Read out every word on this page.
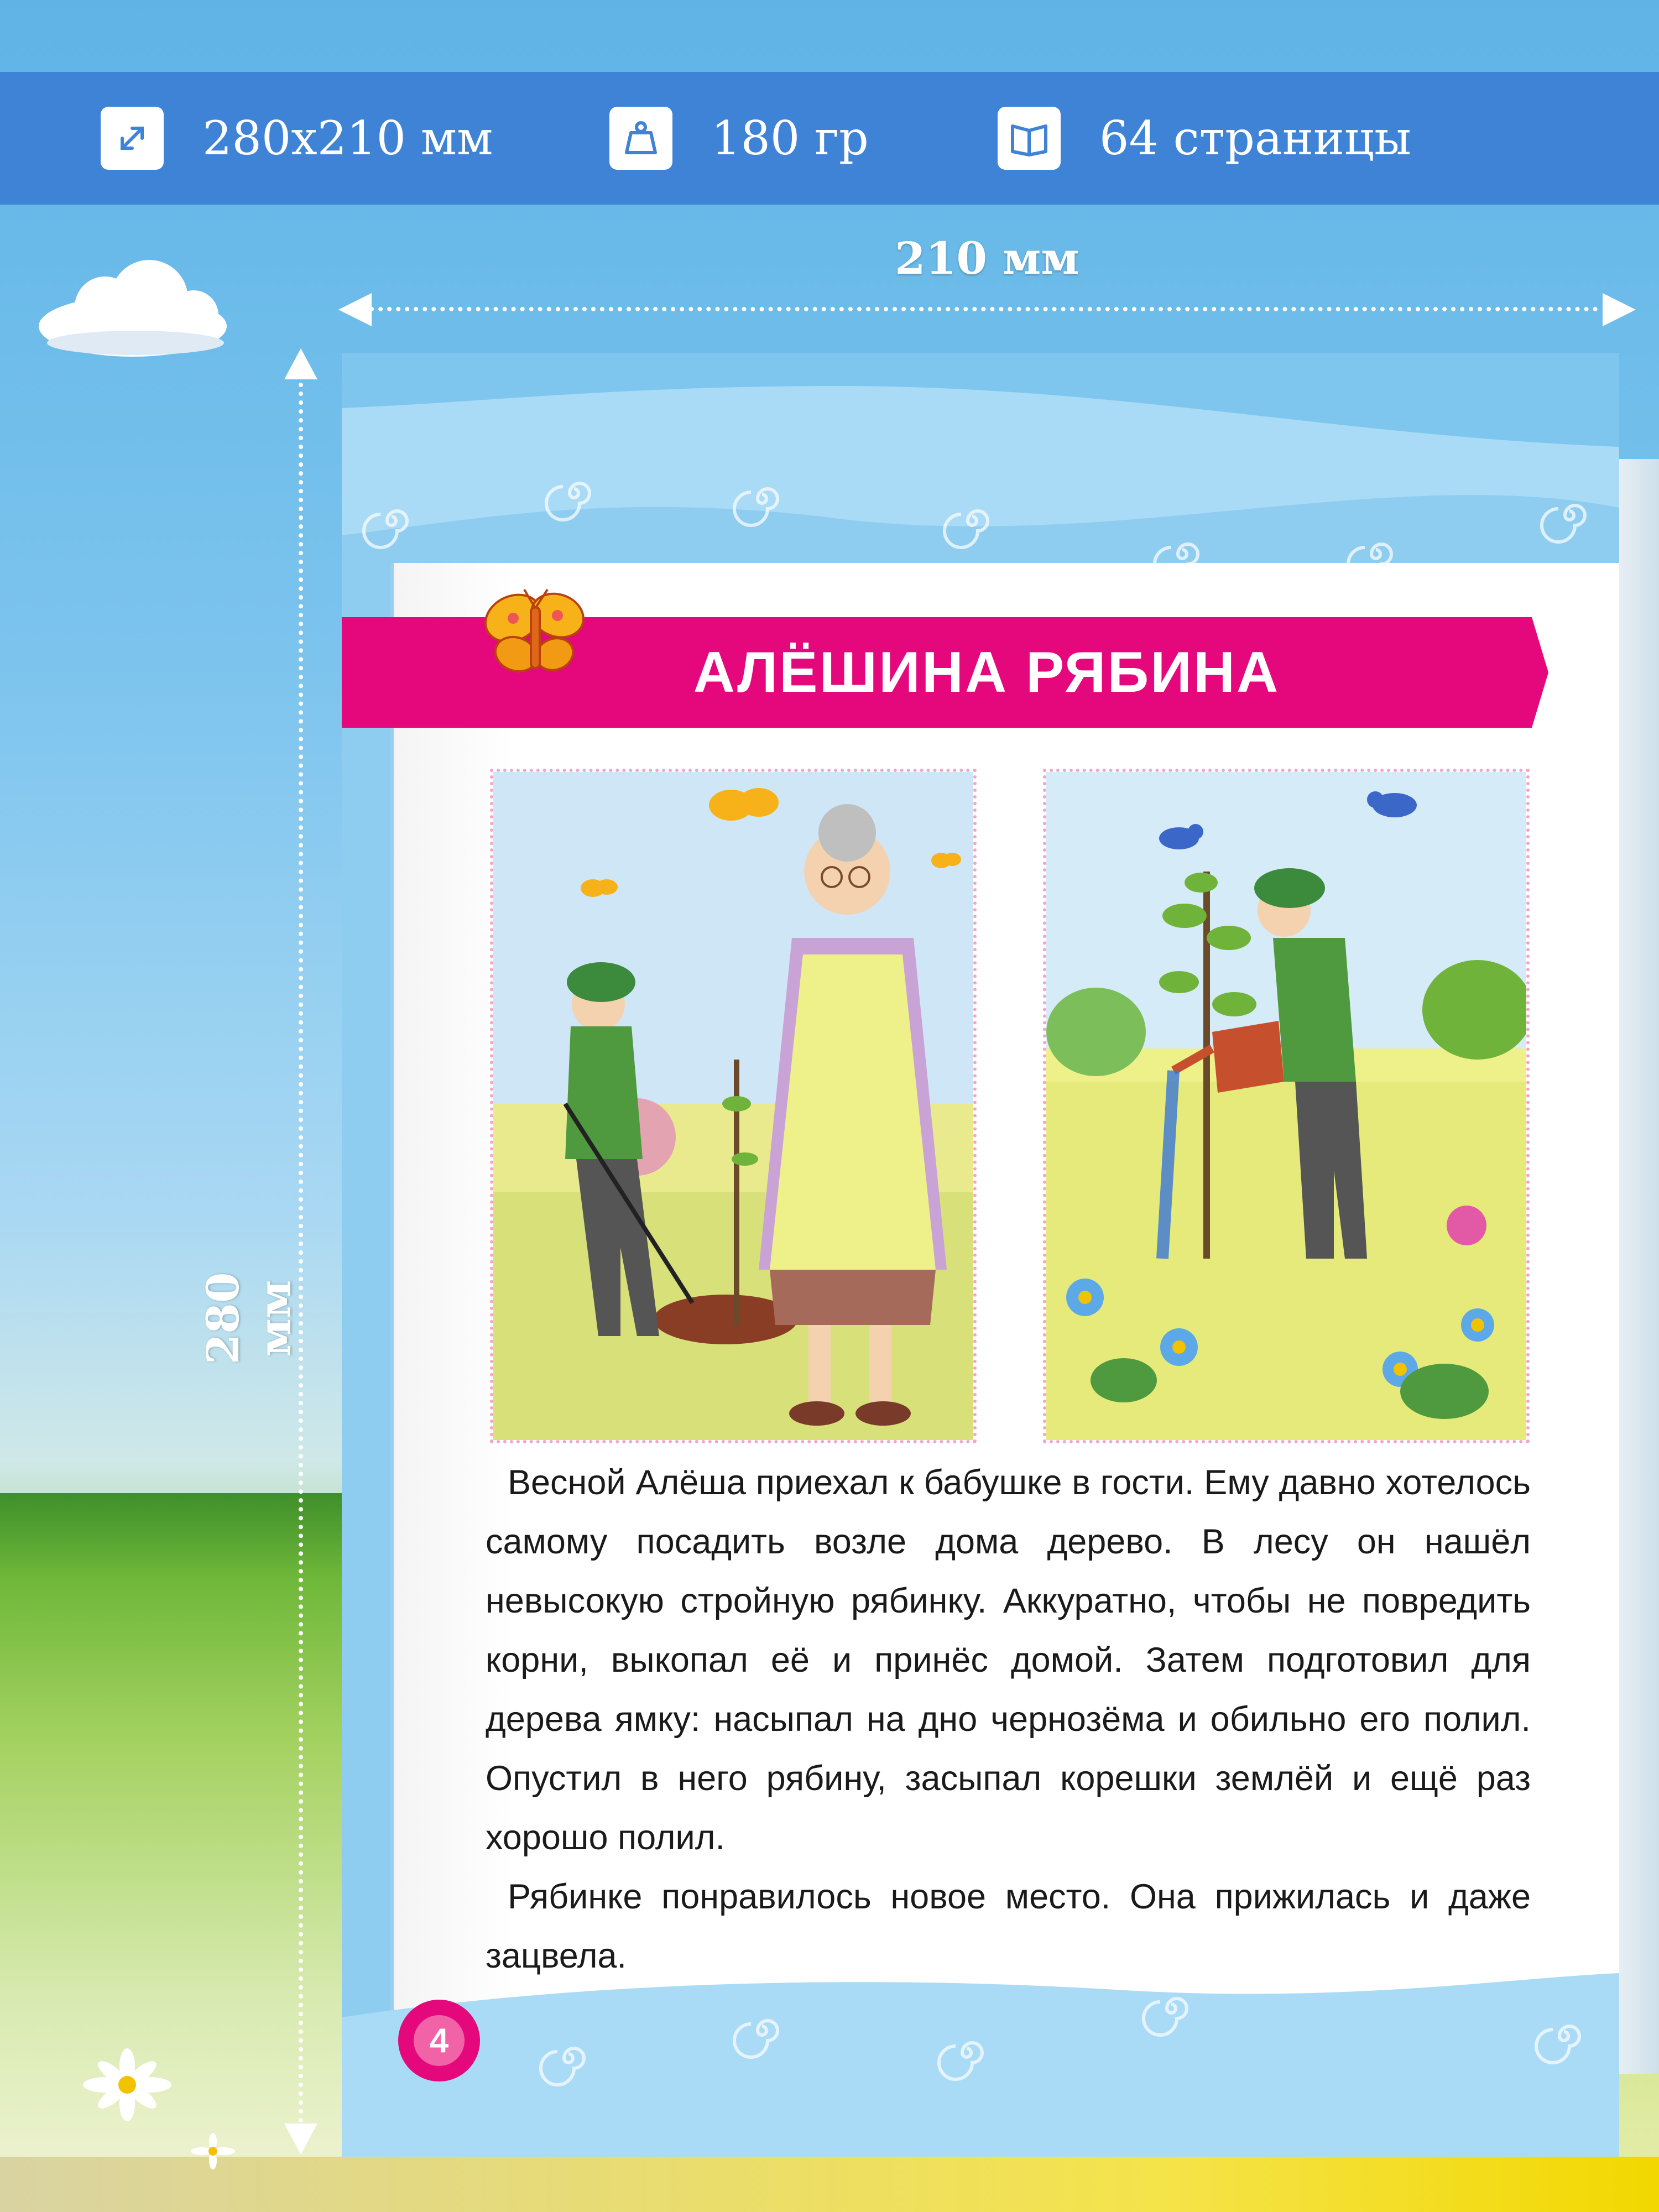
280x210 мм	180 гр	64 страницы
210 мм
280 мм
АЛЁШИНА РЯБИНА

Весной Алёша приехал к бабушке в гости. Ему давно хотелось самому посадить возле дома дерево. В лесу он нашёл невысокую стройную рябинку. Аккуратно, чтобы не повредить корни, выкопал её и принёс домой. Затем подготовил для дерева ямку: насыпал на дно чернозёма и обильно его полил. Опустил в него рябину, засыпал корешки землёй и ещё раз хорошо полил.

Рябинке понравилось новое место. Она прижилась и даже зацвела.

4
